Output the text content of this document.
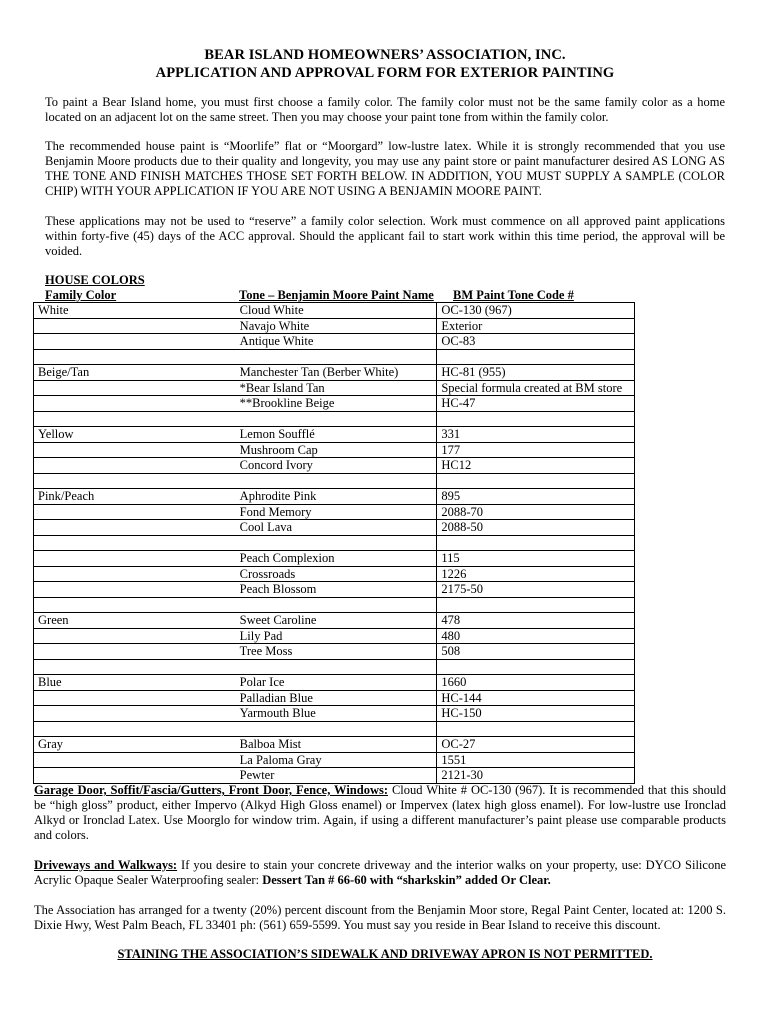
BEAR ISLAND HOMEOWNERS’ ASSOCIATION, INC.
APPLICATION AND APPROVAL FORM FOR EXTERIOR PAINTING

To paint a Bear Island home, you must first choose a family color. The family color must not be the same family color as a home located on an adjacent lot on the same street. Then you may choose your paint tone from within the family color.

The recommended house paint is “Moorlife” flat or “Moorgard” low-lustre latex. While it is strongly recommended that you use Benjamin Moore products due to their quality and longevity, you may use any paint store or paint manufacturer desired AS LONG AS THE TONE AND FINISH MATCHES THOSE SET FORTH BELOW. IN ADDITION, YOU MUST SUPPLY A SAMPLE (COLOR CHIP) WITH YOUR APPLICATION IF YOU ARE NOT USING A BENJAMIN MOORE PAINT.

These applications may not be used to “reserve” a family color selection. Work must commence on all approved paint applications within forty-five (45) days of the ACC approval. Should the applicant fail to start work within this time period, the approval will be voided.

HOUSE COLORS
Family Color	Tone – Benjamin Moore Paint Name BM Paint Tone Code #
White	Cloud White	OC-130 (967)
	Navajo White	Exterior
	Antique White	OC-83

Beige/Tan	Manchester Tan (Berber White)	HC-81 (955)
	*Bear Island Tan	Special formula created at BM store
	**Brookline Beige	HC-47

Yellow	Lemon Soufflé	331
	Mushroom Cap	177
	Concord Ivory	HC12

Pink/Peach	Aphrodite Pink	895
	Fond Memory	2088-70
	Cool Lava	2088-50

	Peach Complexion	115
	Crossroads	1226
	Peach Blossom	2175-50

Green	Sweet Caroline	478
	Lily Pad	480
	Tree Moss	508

Blue	Polar Ice	1660
	Palladian Blue	HC-144
	Yarmouth Blue	HC-150

Gray	Balboa Mist	OC-27
	La Paloma Gray	1551
	Pewter	2121-30

Garage Door, Soffit/Fascia/Gutters, Front Door, Fence, Windows: Cloud White # OC-130 (967). It is recommended that this should be “high gloss” product, either Impervo (Alkyd High Gloss enamel) or Impervex (latex high gloss enamel). For low-lustre use Ironclad Alkyd or Ironclad Latex. Use Moorglo for window trim. Again, if using a different manufacturer’s paint please use comparable products and colors.

Driveways and Walkways: If you desire to stain your concrete driveway and the interior walks on your property, use: DYCO Silicone Acrylic Opaque Sealer Waterproofing sealer: Dessert Tan # 66-60 with “sharkskin” added Or Clear.

The Association has arranged for a twenty (20%) percent discount from the Benjamin Moor store, Regal Paint Center, located at: 1200 S. Dixie Hwy, West Palm Beach, FL 33401 ph: (561) 659-5599. You must say you reside in Bear Island to receive this discount.

STAINING THE ASSOCIATION’S SIDEWALK AND DRIVEWAY APRON IS NOT PERMITTED.
